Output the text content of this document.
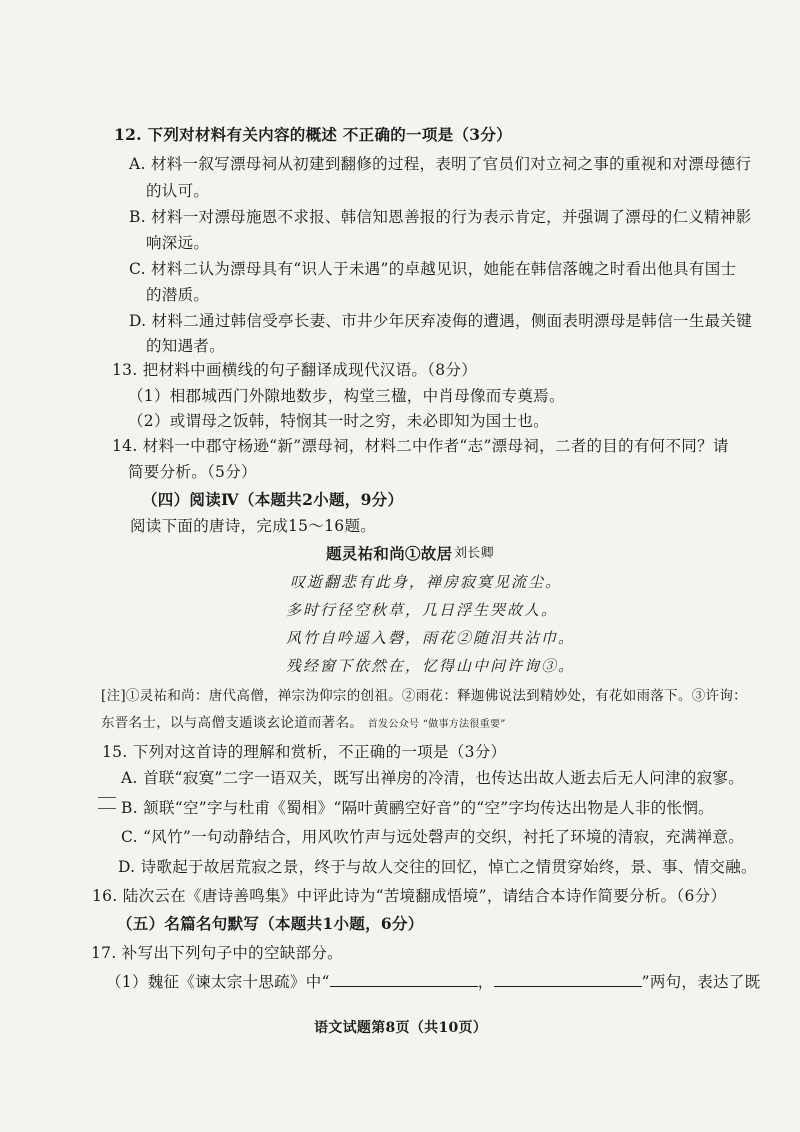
12. 下列对材料有关内容的概述 不正确的一项是（3分）
A. 材料一叙写漂母祠从初建到翻修的过程，表明了官员们对立祠之事的重视和对漂母德行
的认可。
B. 材料一对漂母施恩不求报、韩信知恩善报的行为表示肯定，并强调了漂母的仁义精神影
响深远。
C. 材料二认为漂母具有“识人于未遇”的卓越见识，她能在韩信落魄之时看出他具有国士
的潜质。
D. 材料二通过韩信受亭长妻、市井少年厌弃凌侮的遭遇，侧面表明漂母是韩信一生最关键
的知遇者。
13. 把材料中画横线的句子翻译成现代汉语。（8分）
（1）相郡城西门外隙地数步，构堂三楹，中肖母像而专奠焉。
（2）或谓母之饭韩，特悯其一时之穷，未必即知为国士也。
14. 材料一中郡守杨逊“新”漂母祠，材料二中作者“志”漂母祠，二者的目的有何不同？请
简要分析。（5分）
（四）阅读Ⅳ（本题共2小题，9分）
阅读下面的唐诗，完成15～16题。
题灵祐和尚①故居 刘长卿
叹逝翻悲有此身，禅房寂寞见流尘。
多时行径空秋草，几日浮生哭故人。
风竹自吟遥入磬，雨花②随泪共沾巾。
残经窗下依然在，忆得山中问许询③。
[注]①灵祐和尚：唐代高僧，禅宗沩仰宗的创祖。②雨花：释迦佛说法到精妙处，有花如雨落下。③许询：
东晋名士，以与高僧支遁谈玄论道而著名。 首发公众号 “做事方法很重要”
15. 下列对这首诗的理解和赏析，不正确的一项是（3分）
A. 首联“寂寞”二字一语双关，既写出禅房的冷清，也传达出故人逝去后无人问津的寂寥。
B. 颔联“空”字与杜甫《蜀相》“隔叶黄鹂空好音”的“空”字均传达出物是人非的怅惘。
C. “风竹”一句动静结合，用风吹竹声与远处磬声的交织，衬托了环境的清寂，充满禅意。
D. 诗歌起于故居荒寂之景，终于与故人交往的回忆，悼亡之情贯穿始终，景、事、情交融。
16. 陆次云在《唐诗善鸣集》中评此诗为“苦境翻成悟境”，请结合本诗作简要分析。（6分）
（五）名篇名句默写（本题共1小题，6分）
17. 补写出下列句子中的空缺部分。
（1）魏征《谏太宗十思疏》中“	，	”两句，表达了既
语文试题第8页（共10页）
